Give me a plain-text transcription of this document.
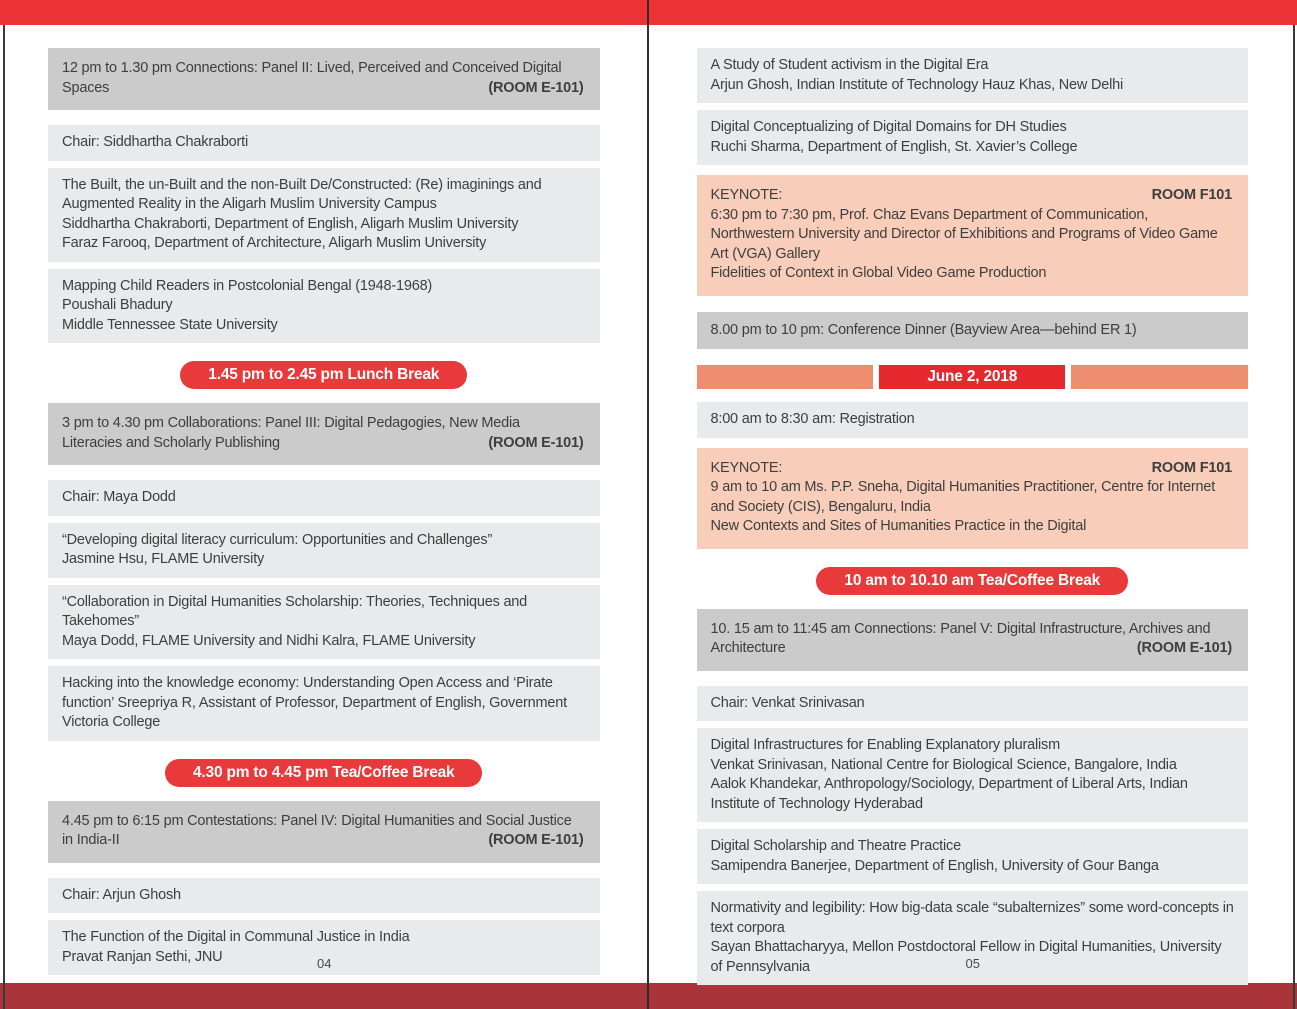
12 pm to 1.30 pm Connections: Panel II: Lived, Perceived and Conceived Digital Spaces	(ROOM E-101)
Chair: Siddhartha Chakraborti
The Built, the un-Built and the non-Built De/Constructed: (Re) imaginings and Augmented Reality in the Aligarh Muslim University Campus
Siddhartha Chakraborti, Department of English, Aligarh Muslim University
Faraz Farooq, Department of Architecture, Aligarh Muslim University
Mapping Child Readers in Postcolonial Bengal (1948-1968)
Poushali Bhadury
Middle Tennessee State University
1.45 pm to 2.45 pm Lunch Break
3 pm to 4.30 pm Collaborations: Panel III: Digital Pedagogies, New Media Literacies and Scholarly Publishing	(ROOM E-101)
Chair: Maya Dodd
“Developing digital literacy curriculum: Opportunities and Challenges”
Jasmine Hsu, FLAME University
“Collaboration in Digital Humanities Scholarship: Theories, Techniques and Takehomes”
Maya Dodd, FLAME University and Nidhi Kalra, FLAME University
Hacking into the knowledge economy: Understanding Open Access and ‘Pirate function’ Sreepriya R, Assistant of Professor, Department of English, Government Victoria College
4.30 pm to 4.45 pm Tea/Coffee Break
4.45 pm to 6:15 pm Contestations: Panel IV: Digital Humanities and Social Justice in India-II	(ROOM E-101)
Chair: Arjun Ghosh
The Function of the Digital in Communal Justice in India
Pravat Ranjan Sethi, JNU	04
A Study of Student activism in the Digital Era
Arjun Ghosh, Indian Institute of Technology Hauz Khas, New Delhi
Digital Conceptualizing of Digital Domains for DH Studies
Ruchi Sharma, Department of English, St. Xavier’s College
KEYNOTE:	ROOM F101
6:30 pm to 7:30 pm, Prof. Chaz Evans Department of Communication, Northwestern University and Director of Exhibitions and Programs of Video Game Art (VGA) Gallery
Fidelities of Context in Global Video Game Production
8.00 pm to 10 pm: Conference Dinner (Bayview Area—behind ER 1)
June 2, 2018
8:00 am to 8:30 am: Registration
KEYNOTE:	ROOM F101
9 am to 10 am Ms. P.P. Sneha, Digital Humanities Practitioner, Centre for Internet and Society (CIS), Bengaluru, India
New Contexts and Sites of Humanities Practice in the Digital
10 am to 10.10 am Tea/Coffee Break
10. 15 am to 11:45 am Connections: Panel V: Digital Infrastructure, Archives and Architecture	(ROOM E-101)
Chair: Venkat Srinivasan
Digital Infrastructures for Enabling Explanatory pluralism
Venkat Srinivasan, National Centre for Biological Science, Bangalore, India
Aalok Khandekar, Anthropology/Sociology, Department of Liberal Arts, Indian Institute of Technology Hyderabad
Digital Scholarship and Theatre Practice
Samipendra Banerjee, Department of English, University of Gour Banga
Normativity and legibility: How big-data scale “subalternizes” some word-concepts in text corpora
Sayan Bhattacharyya, Mellon Postdoctoral Fellow in Digital Humanities, University of Pennsylvania	05
